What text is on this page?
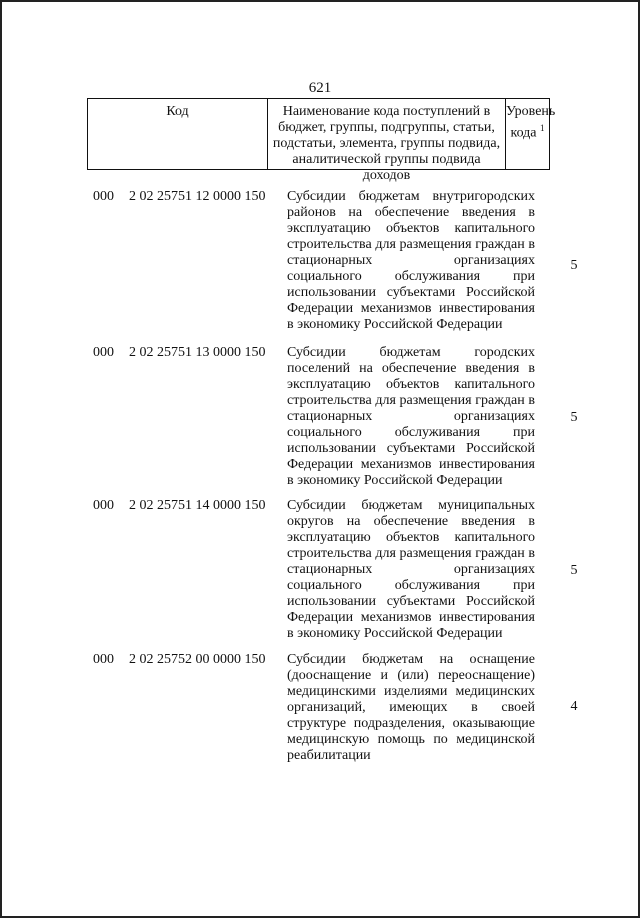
621
Код	Наименование кода поступлений в бюджет, группы, подгруппы, статьи, подстатьи, элемента, группы подвида, аналитической группы подвида доходов
Уровень кода $^1$
000 2 02 25751 12 0000 150 Субсидии бюджетам внутригородских районов на обеспечение введения в эксплуатацию объектов капитального строительства для размещения граждан в стационарных организациях социального обслуживания при использовании субъектами Российской Федерации механизмов инвестирования в экономику Российской Федерации
5
000 2 02 25751 13 0000 150 Субсидии бюджетам городских поселений на обеспечение введения в эксплуатацию объектов капитального строительства для размещения граждан в стационарных организациях социального обслуживания при использовании субъектами Российской Федерации механизмов инвестирования в экономику Российской Федерации
5
000 2 02 25751 14 0000 150 Субсидии бюджетам муниципальных округов на обеспечение введения в эксплуатацию объектов капитального строительства для размещения граждан в стационарных организациях социального обслуживания при использовании субъектами Российской Федерации механизмов инвестирования в экономику Российской Федерации
5
000 2 02 25752 00 0000 150 Субсидии бюджетам на оснащение (дооснащение и (или) переоснащение) медицинскими изделиями медицинских организаций, имеющих в своей структуре подразделения, оказывающие медицинскую помощь по медицинской реабилитации
4
